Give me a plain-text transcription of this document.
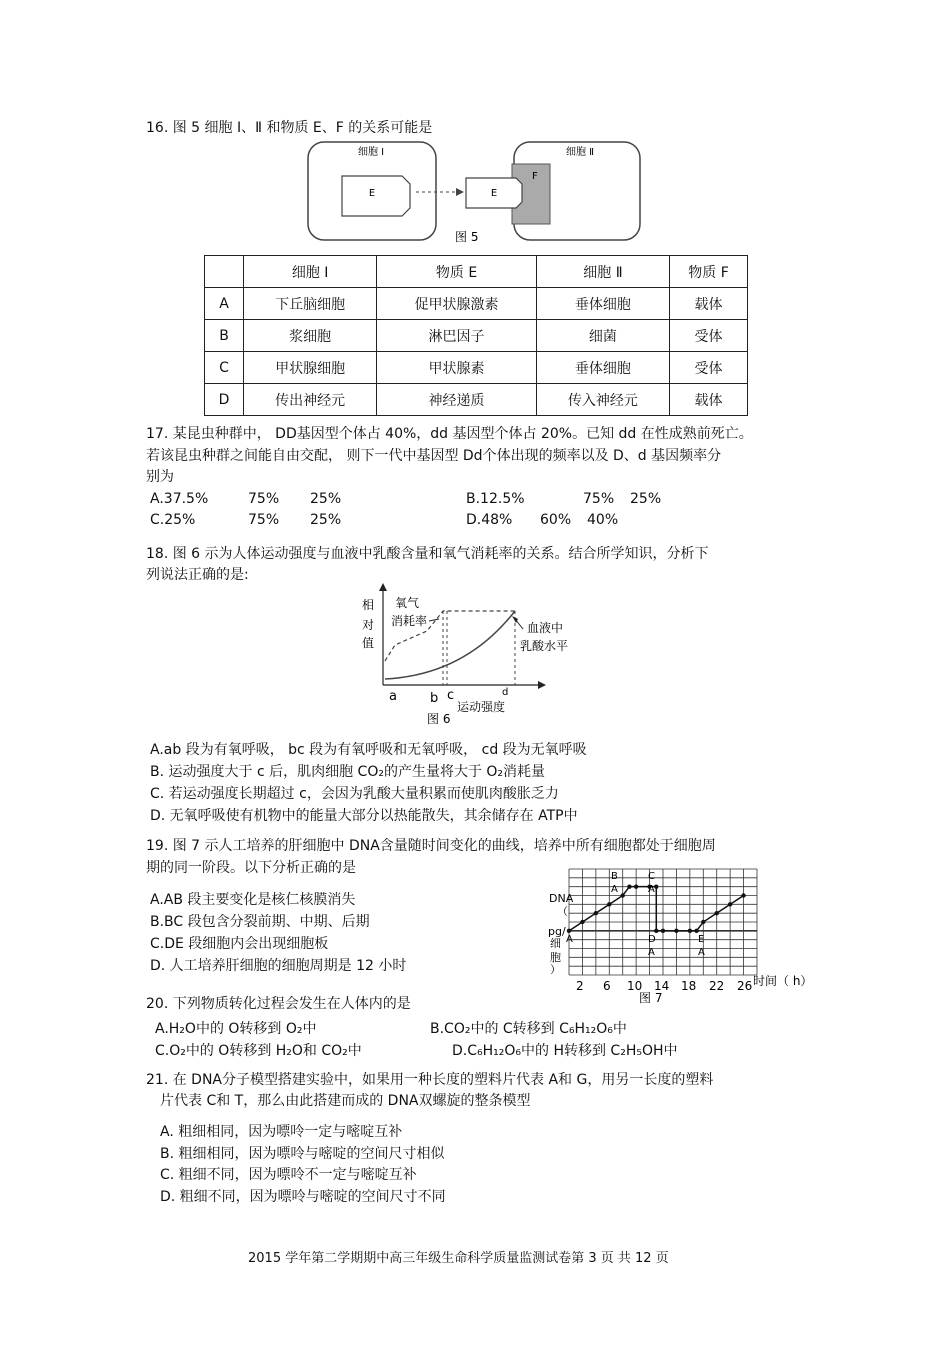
16. 图 5 细胞 Ⅰ、Ⅱ 和物质 E、F 的关系可能是
细胞 Ⅰ
E
细胞 Ⅱ
F
E
图 5
	细胞 Ⅰ	物质 E	细胞 Ⅱ	物质 F
A	下丘脑细胞	促甲状腺激素	垂体细胞	载体
B	浆细胞	淋巴因子	细菌	受体
C	甲状腺细胞	甲状腺素	垂体细胞	受体
D	传出神经元	神经递质	传入神经元	载体
17. 某昆虫种群中， DD基因型个体占 40%，dd 基因型个体占 20%。已知 dd 在性成熟前死亡。
若该昆虫种群之间能自由交配， 则下一代中基因型 Dd个体出现的频率以及 D、d 基因频率分
别为
A.37.5%	75% 25%	B.12.5%	75% 25%
C.25%	75% 25%	D.48% 60% 40%
18. 图 6 示为人体运动强度与血液中乳酸含量和氧气消耗率的关系。结合所学知识，分析下
列说法正确的是:
相
对
值
氧气
消耗率	血液中
乳酸水平
a	b c	d
运动强度
图 6
A.ab 段为有氧呼吸， bc 段为有氧呼吸和无氧呼吸， cd 段为无氧呼吸
B. 运动强度大于 c 后，肌肉细胞 CO₂的产生量将大于 O₂消耗量
C. 若运动强度长期超过 c，会因为乳酸大量积累而使肌肉酸胀乏力
D. 无氧呼吸使有机物中的能量大部分以热能散失，其余储存在 ATP中
19. 图 7 示人工培养的肝细胞中 DNA含量随时间变化的曲线，培养中所有细胞都处于细胞周
期的同一阶段。以下分析正确的是
A.AB 段主要变化是核仁核膜消失
B.BC 段包含分裂前期、中期、后期
C.DE 段细胞内会出现细胞板
D. 人工培养肝细胞的细胞周期是 12 小时
DNA
（
pg/
细
胞
）
2 6 10 14 18 22 26 时间（ h）
图 7
A
B
A
C
A
D
A
E
A
20. 下列物质转化过程会发生在人体内的是
A.H₂O中的 O转移到 O₂中	B.CO₂中的 C转移到 C₆H₁₂O₆中
C.O₂中的 O转移到 H₂O和 CO₂中	D.C₆H₁₂O₆中的 H转移到 C₂H₅OH中
21. 在 DNA分子模型搭建实验中，如果用一种长度的塑料片代表 A和 G，用另一长度的塑料
片代表 C和 T，那么由此搭建而成的 DNA双螺旋的整条模型
A. 粗细相同，因为嘌呤一定与嘧啶互补
B. 粗细相同，因为嘌呤与嘧啶的空间尺寸相似
C. 粗细不同，因为嘌呤不一定与嘧啶互补
D. 粗细不同，因为嘌呤与嘧啶的空间尺寸不同
2015 学年第二学期期中高三年级生命科学质量监测试卷第 3 页 共 12 页
